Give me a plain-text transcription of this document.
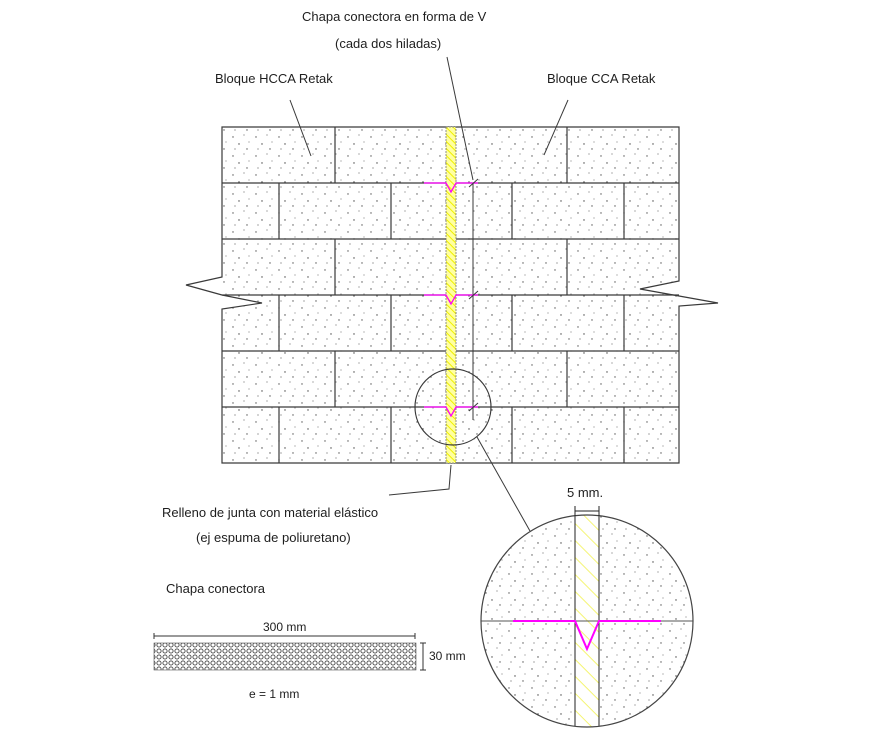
Chapa conectora en forma de V
(cada dos hiladas)
Bloque HCCA Retak	Bloque CCA Retak
Relleno de junta con material elástico
(ej espuma de poliuretano)
5 mm.
Chapa conectora
300 mm
30 mm
e = 1 mm
